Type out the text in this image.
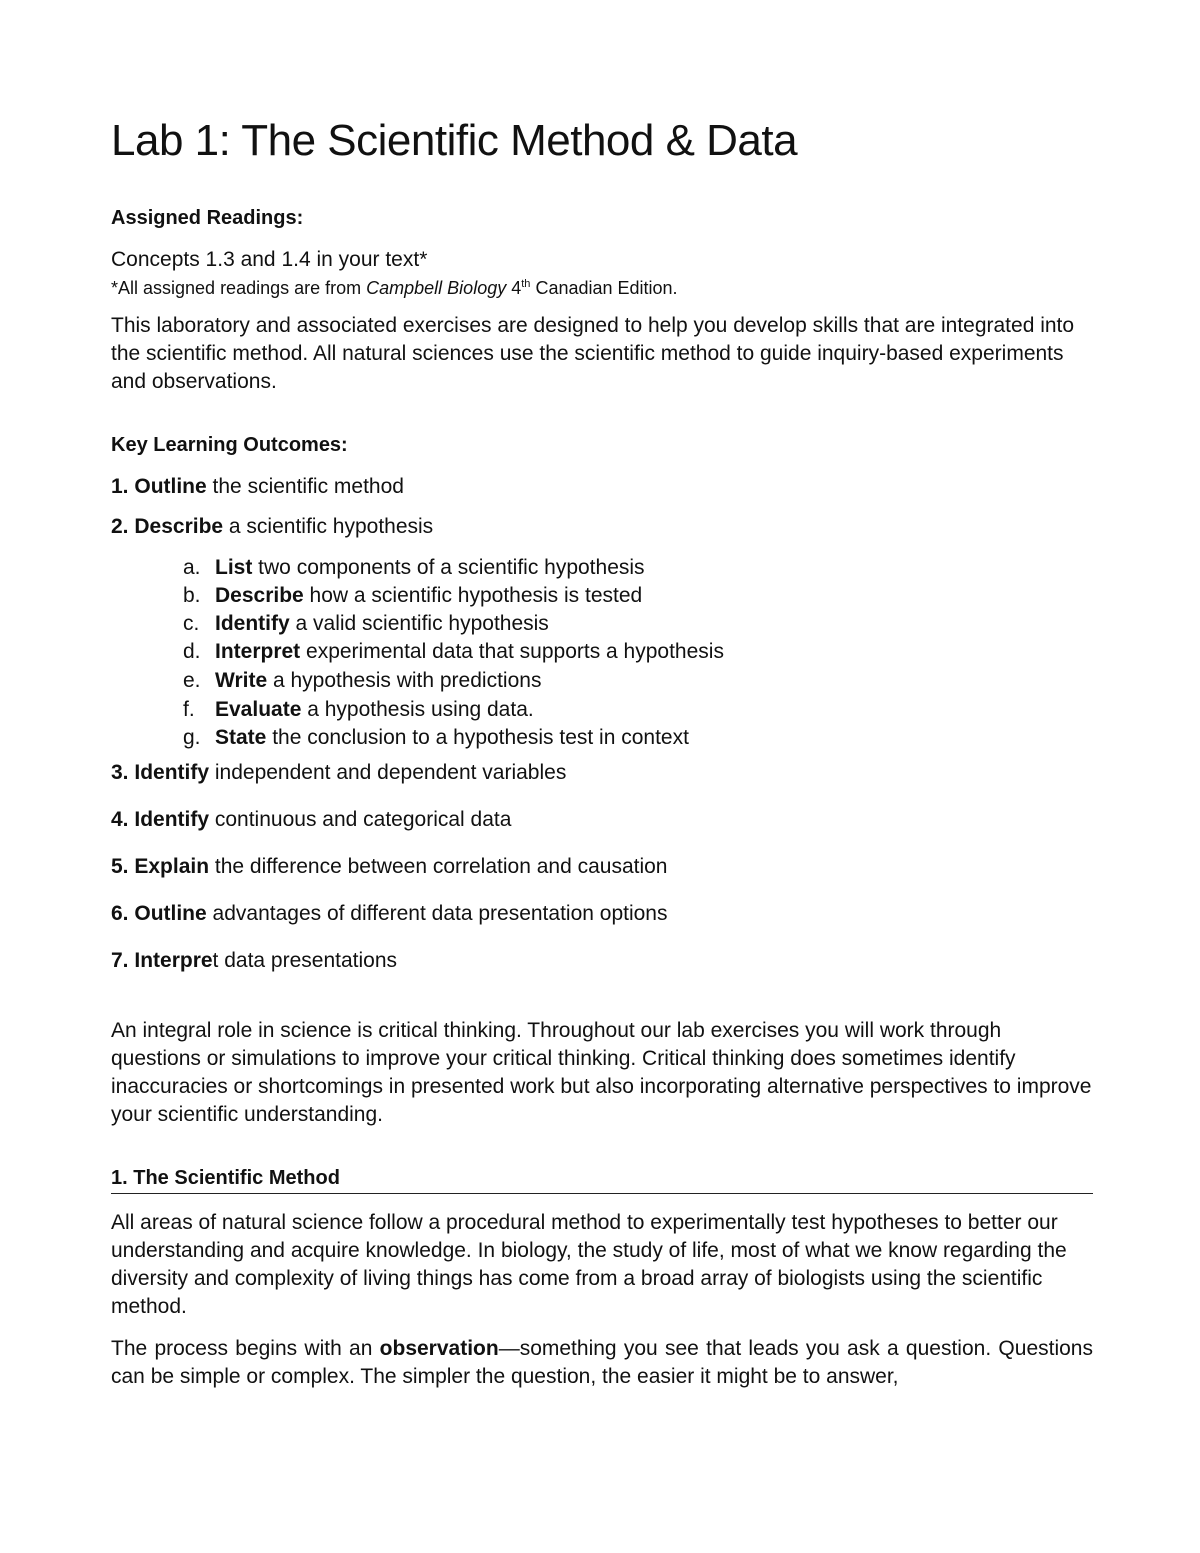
Lab 1: The Scientific Method & Data
Assigned Readings:

Concepts 1.3 and 1.4 in your text*

*All assigned readings are from Campbell Biology 4th Canadian Edition.

This laboratory and associated exercises are designed to help you develop skills that are integrated into the scientific method. All natural sciences use the scientific method to guide inquiry-based experiments and observations.

Key Learning Outcomes:
1. Outline the scientific method
2. Describe a scientific hypothesis
a. List two components of a scientific hypothesis
b. Describe how a scientific hypothesis is tested
c. Identify a valid scientific hypothesis
d. Interpret experimental data that supports a hypothesis
e. Write a hypothesis with predictions
f. Evaluate a hypothesis using data.
g. State the conclusion to a hypothesis test in context
3. Identify independent and dependent variables
4. Identify continuous and categorical data
5. Explain the difference between correlation and causation
6. Outline advantages of different data presentation options
7. Interpret data presentations

An integral role in science is critical thinking. Throughout our lab exercises you will work through questions or simulations to improve your critical thinking. Critical thinking does sometimes identify inaccuracies or shortcomings in presented work but also incorporating alternative perspectives to improve your scientific understanding.

1. The Scientific Method

All areas of natural science follow a procedural method to experimentally test hypotheses to better our understanding and acquire knowledge. In biology, the study of life, most of what we know regarding the diversity and complexity of living things has come from a broad array of biologists using the scientific method.

The process begins with an observation—something you see that leads you ask a question. Questions can be simple or complex. The simpler the question, the easier it might be to answer,
